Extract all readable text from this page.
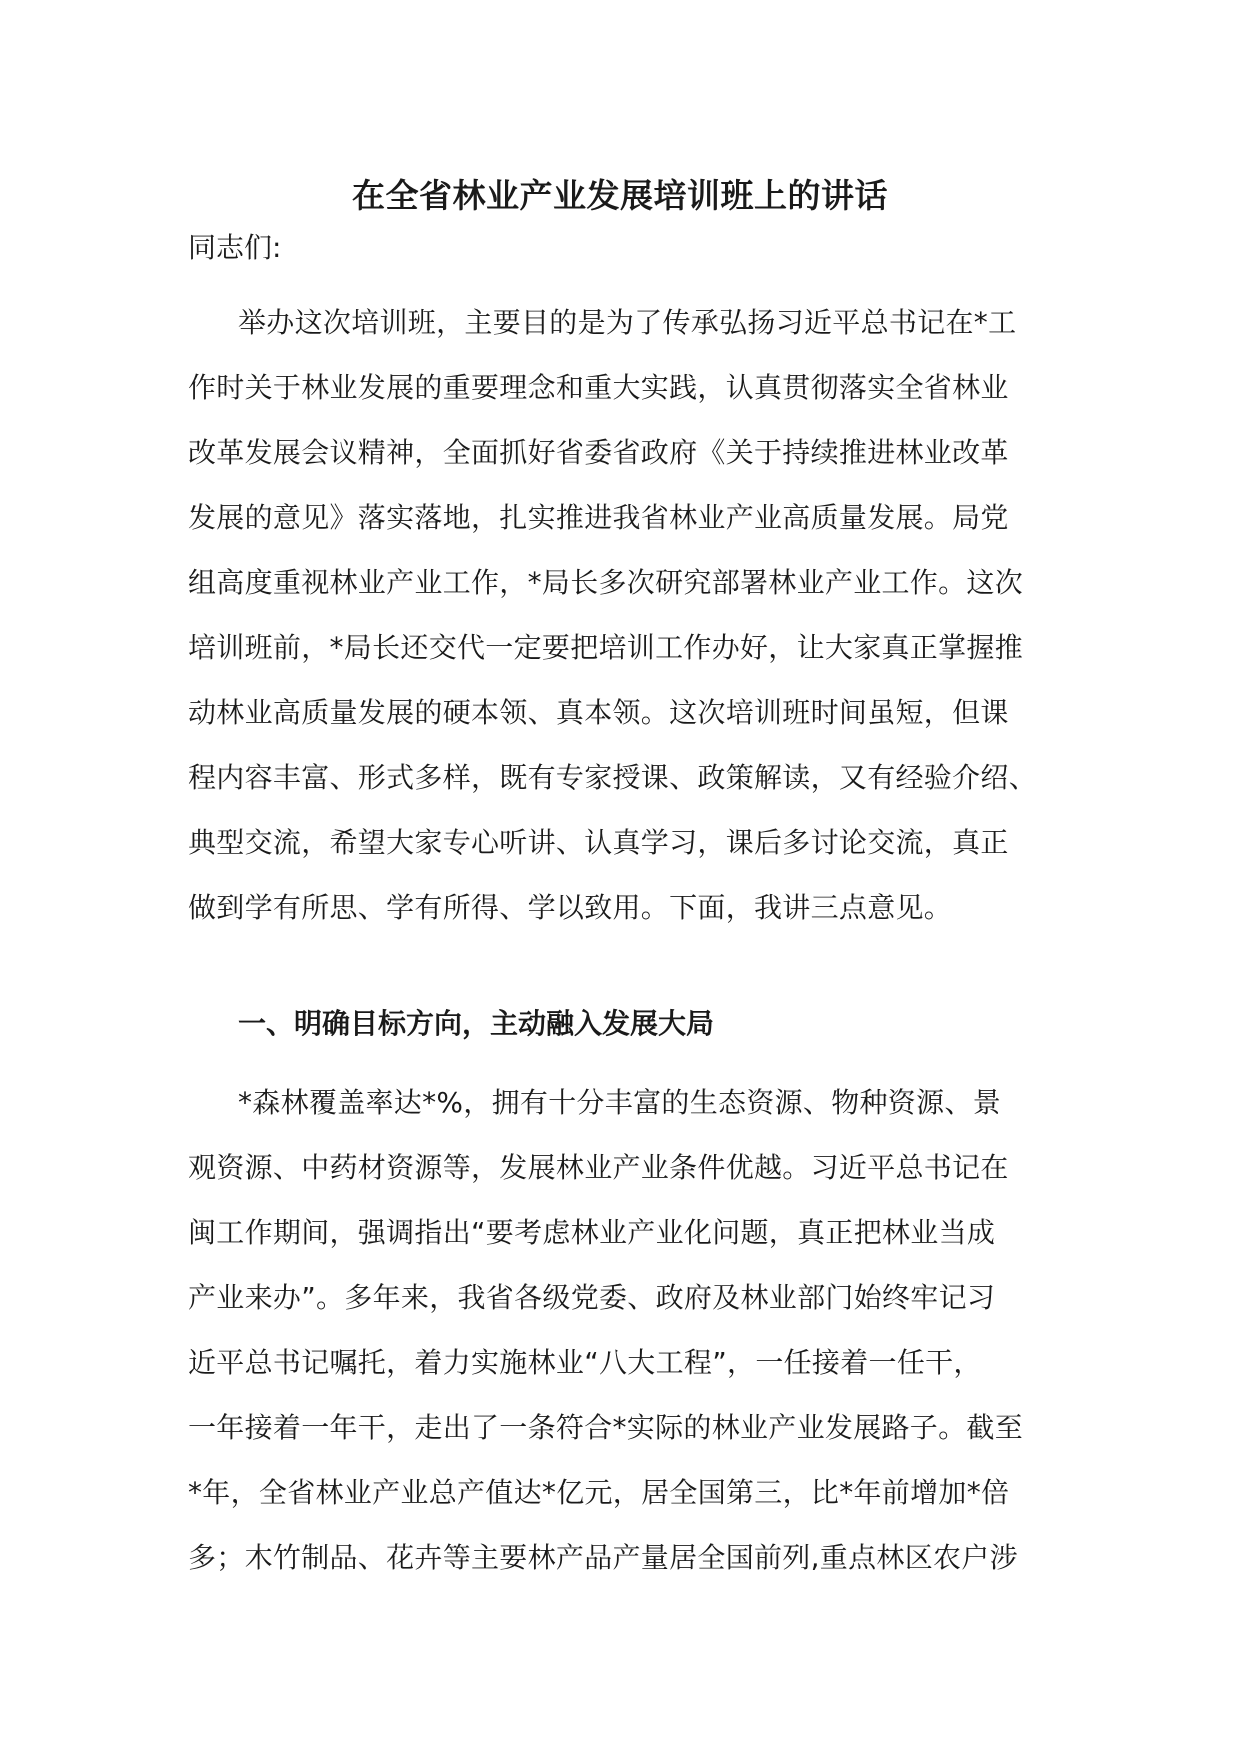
在全省林业产业发展培训班上的讲话
同志们:
举办这次培训班，主要目的是为了传承弘扬习近平总书记在*工
作时关于林业发展的重要理念和重大实践，认真贯彻落实全省林业
改革发展会议精神，全面抓好省委省政府《关于持续推进林业改革
发展的意见》落实落地，扎实推进我省林业产业高质量发展。局党
组高度重视林业产业工作，*局长多次研究部署林业产业工作。这次
培训班前，*局长还交代一定要把培训工作办好，让大家真正掌握推
动林业高质量发展的硬本领、真本领。这次培训班时间虽短，但课
程内容丰富、形式多样，既有专家授课、政策解读，又有经验介绍、
典型交流，希望大家专心听讲、认真学习，课后多讨论交流，真正
做到学有所思、学有所得、学以致用。下面，我讲三点意见。
一、明确目标方向，主动融入发展大局
*森林覆盖率达*%，拥有十分丰富的生态资源、物种资源、景
观资源、中药材资源等，发展林业产业条件优越。习近平总书记在
闽工作期间，强调指出“要考虑林业产业化问题，真正把林业当成
产业来办”。多年来，我省各级党委、政府及林业部门始终牢记习
近平总书记嘱托，着力实施林业“八大工程”，一任接着一任干，
一年接着一年干，走出了一条符合*实际的林业产业发展路子。截至
*年，全省林业产业总产值达*亿元，居全国第三，比*年前增加*倍
多；木竹制品、花卉等主要林产品产量居全国前列,重点林区农户涉
